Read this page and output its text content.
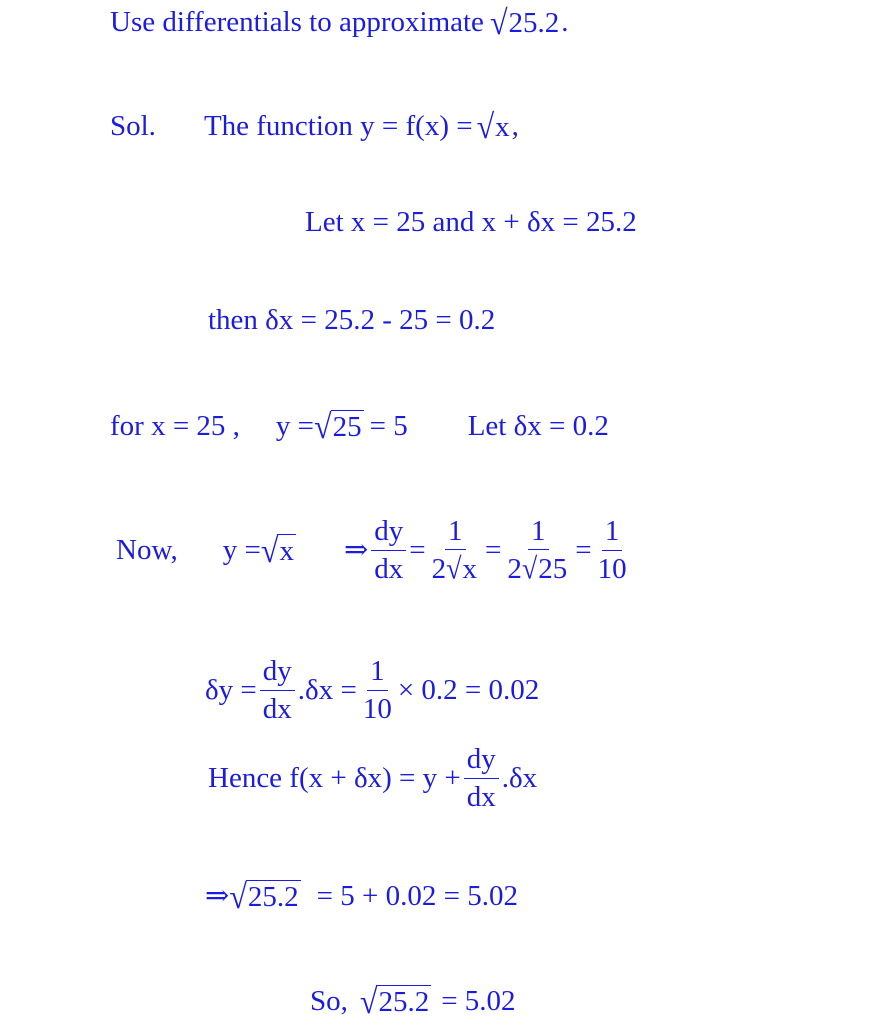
Use differentials to approximate √ 25.2 .
Sol. The function y = f(x) = √ x ,
Let x = 25 and x + δx = 25.2
then δx = 25.2 - 25 = 0.2
for x = 25 , y = √ 25 = 5 Let δx = 0.2
Now, y = √ x ⇒ $\frac{dy}{dx} = \frac{1}{2 √ x} = \frac{1}{2 √ 25} = \frac{1}{10}$
$\delta y = \frac{dy}{dx} .\delta x = \frac{1}{10} \times 0.2 = 0.02$
Hence $f(x + \delta x) = y + \frac{dy}{dx} .\delta x$
⇒ √ 25.2 = 5 + 0.02 = 5.02
So, √ 25.2 = 5.02
